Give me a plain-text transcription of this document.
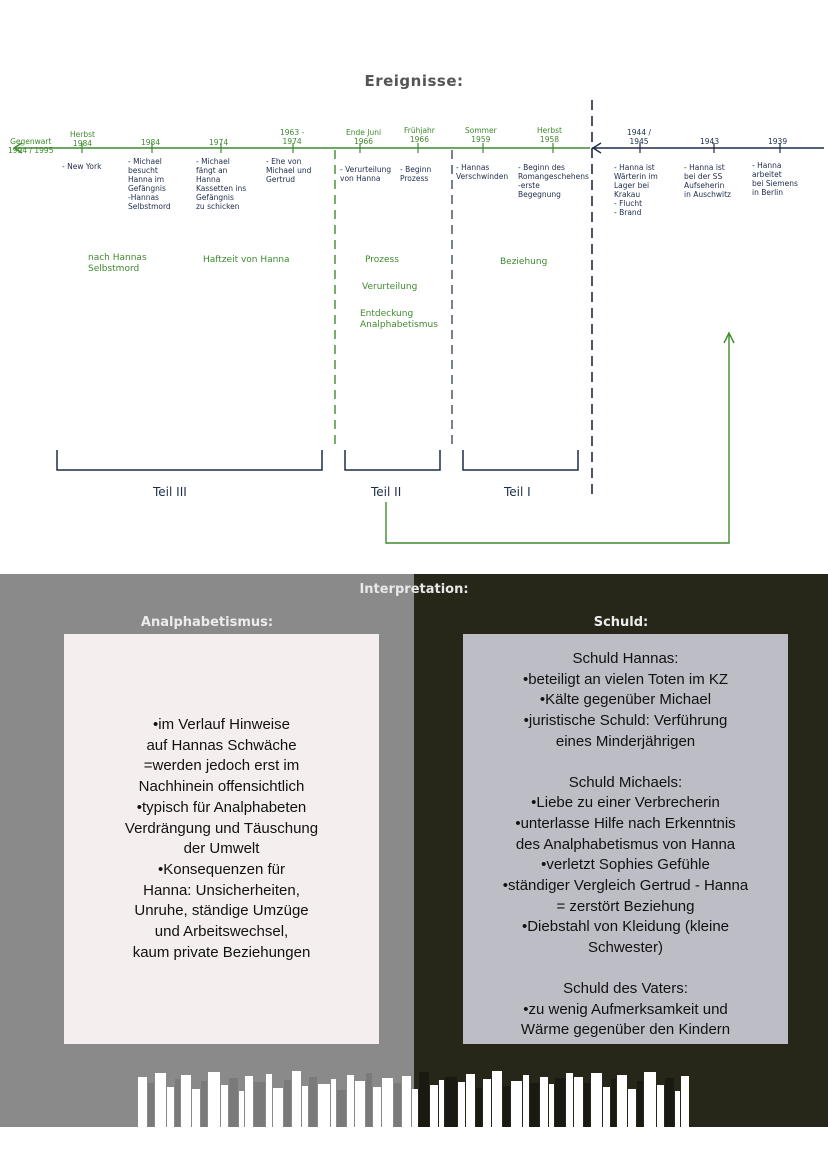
Ereignisse:
Gegenwart
1994 / 1995
Herbst
1984	1984	1974
1963 -
1974
Ende Juni
1966
Frühjahr
1966
Sommer
1959
Herbst
1958
1944 /
1945	1943	1939
- New York
- Michael
besucht
Hanna im
Gefängnis
-Hannas
Selbstmord
- Michael
fängt an
Hanna
Kassetten ins
Gefängnis
zu schicken
- Ehe von
Michael und
Gertrud
- Verurteilung
von Hanna
- Beginn
Prozess
- Hannas
Verschwinden
- Beginn des
Romangeschehens
-erste
Begegnung
- Hanna ist
Wärterin im
Lager bei
Krakau
- Flucht
- Brand
- Hanna ist
bei der SS
Aufseherin
in Auschwitz
- Hanna
arbeitet
bei Siemens
in Berlin
nach Hannas
Selbstmord
Haftzeit von Hanna	Prozess
Verurteilung
Entdeckung
Analphabetismus
Beziehung
Teil III	Teil II	Teil I
Interpretation:
Analphabetismus:	Schuld:

•im Verlauf Hinweise

auf Hannas Schwäche

=werden jedoch erst im

Nachhinein offensichtlich

•typisch für Analphabeten

Verdrängung und Täuschung

der Umwelt

•Konsequenzen für

Hanna: Unsicherheiten,

Unruhe, ständige Umzüge

und Arbeitswechsel,

kaum private Beziehungen

Schuld Hannas:

•beteiligt an vielen Toten im KZ

•Kälte gegenüber Michael

•juristische Schuld: Verführung

eines Minderjährigen

Schuld Michaels:

•Liebe zu einer Verbrecherin

•unterlasse Hilfe nach Erkenntnis

des Analphabetismus von Hanna

•verletzt Sophies Gefühle

•ständiger Vergleich Gertrud - Hanna

= zerstört Beziehung

•Diebstahl von Kleidung (kleine

Schwester)

Schuld des Vaters:

•zu wenig Aufmerksamkeit und

Wärme gegenüber den Kindern
